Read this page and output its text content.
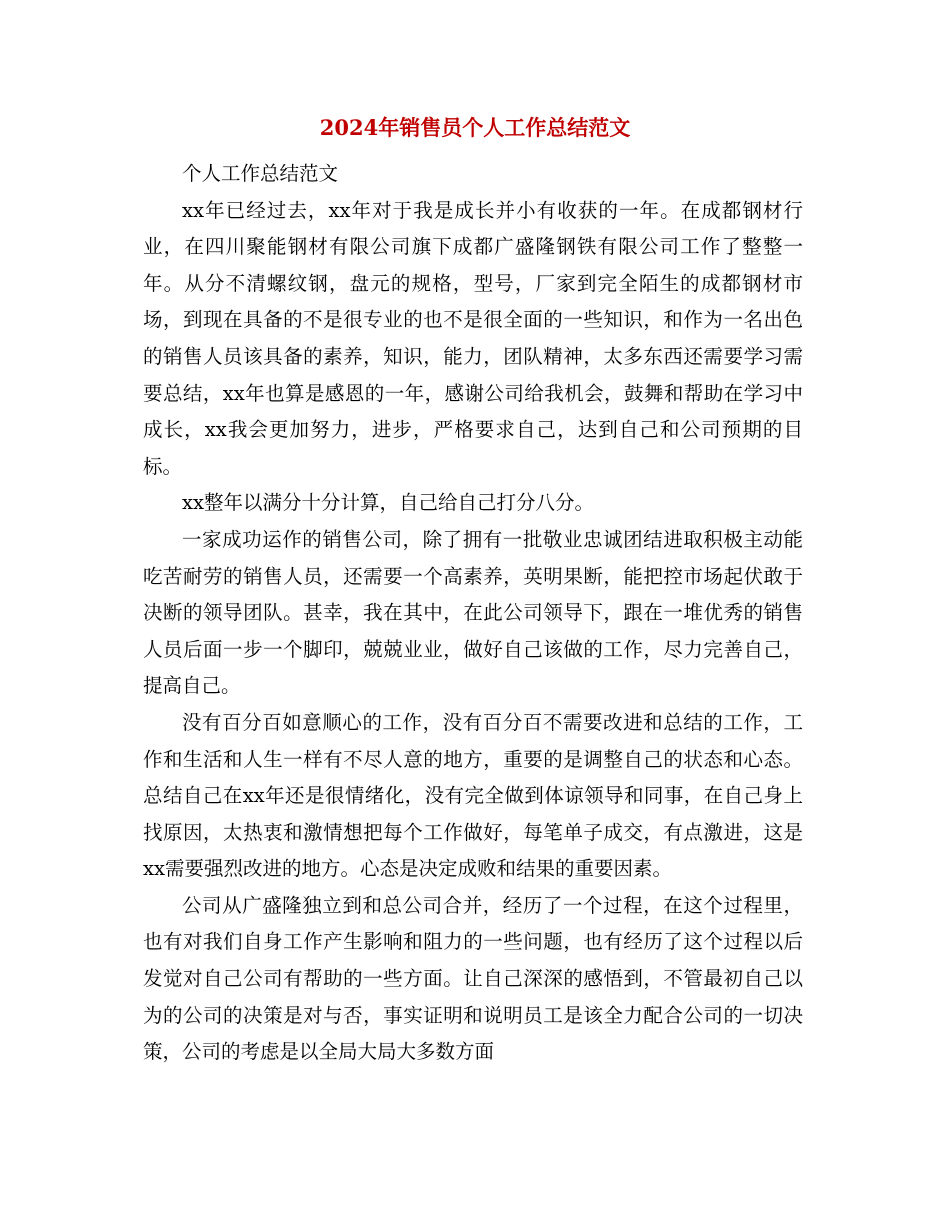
2024年销售员个人工作总结范文

个人工作总结范文

xx年已经过去，xx年对于我是成长并小有收获的一年。在成都钢材行业，在四川聚能钢材有限公司旗下成都广盛隆钢铁有限公司工作了整整一年。从分不清螺纹钢，盘元的规格，型号，厂家到完全陌生的成都钢材市场，到现在具备的不是很专业的也不是很全面的一些知识，和作为一名出色的销售人员该具备的素养，知识，能力，团队精神，太多东西还需要学习需要总结，xx年也算是感恩的一年，感谢公司给我机会，鼓舞和帮助在学习中成长，xx我会更加努力，进步，严格要求自己，达到自己和公司预期的目标。

xx整年以满分十分计算，自己给自己打分八分。

一家成功运作的销售公司，除了拥有一批敬业忠诚团结进取积极主动能吃苦耐劳的销售人员，还需要一个高素养，英明果断，能把控市场起伏敢于决断的领导团队。甚幸，我在其中，在此公司领导下，跟在一堆优秀的销售人员后面一步一个脚印，兢兢业业，做好自己该做的工作，尽力完善自己，提高自己。

没有百分百如意顺心的工作，没有百分百不需要改进和总结的工作，工作和生活和人生一样有不尽人意的地方，重要的是调整自己的状态和心态。总结自己在xx年还是很情绪化，没有完全做到体谅领导和同事，在自己身上找原因，太热衷和激情想把每个工作做好，每笔单子成交，有点激进，这是xx需要强烈改进的地方。心态是决定成败和结果的重要因素。

公司从广盛隆独立到和总公司合并，经历了一个过程，在这个过程里，也有对我们自身工作产生影响和阻力的一些问题，也有经历了这个过程以后发觉对自己公司有帮助的一些方面。让自己深深的感悟到，不管最初自己以为的公司的决策是对与否，事实证明和说明员工是该全力配合公司的一切决策，公司的考虑是以全局大局大多数方面
